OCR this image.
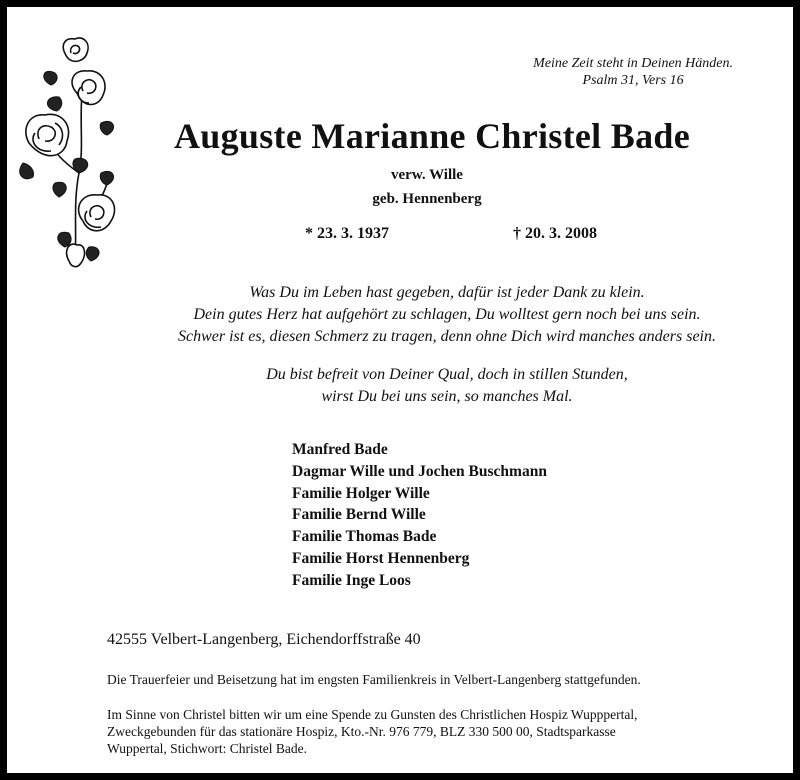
Meine Zeit steht in Deinen Händen.
Psalm 31, Vers 16
Auguste Marianne Christel Bade
verw. Wille
geb. Hennenberg
* 23. 3. 1937	† 20. 3. 2008
Was Du im Leben hast gegeben, dafür ist jeder Dank zu klein.
Dein gutes Herz hat aufgehört zu schlagen, Du wolltest gern noch bei uns sein.
Schwer ist es, diesen Schmerz zu tragen, denn ohne Dich wird manches anders sein.
Du bist befreit von Deiner Qual, doch in stillen Stunden,
wirst Du bei uns sein, so manches Mal.
Manfred Bade
Dagmar Wille und Jochen Buschmann
Familie Holger Wille
Familie Bernd Wille
Familie Thomas Bade
Familie Horst Hennenberg
Familie Inge Loos
42555 Velbert-Langenberg, Eichendorffstraße 40
Die Trauerfeier und Beisetzung hat im engsten Familienkreis in Velbert-Langenberg stattgefunden.
Im Sinne von Christel bitten wir um eine Spende zu Gunsten des Christlichen Hospiz Wupppertal,
Zweckgebunden für das stationäre Hospiz, Kto.-Nr. 976 779, BLZ 330 500 00, Stadtsparkasse
Wuppertal, Stichwort: Christel Bade.
